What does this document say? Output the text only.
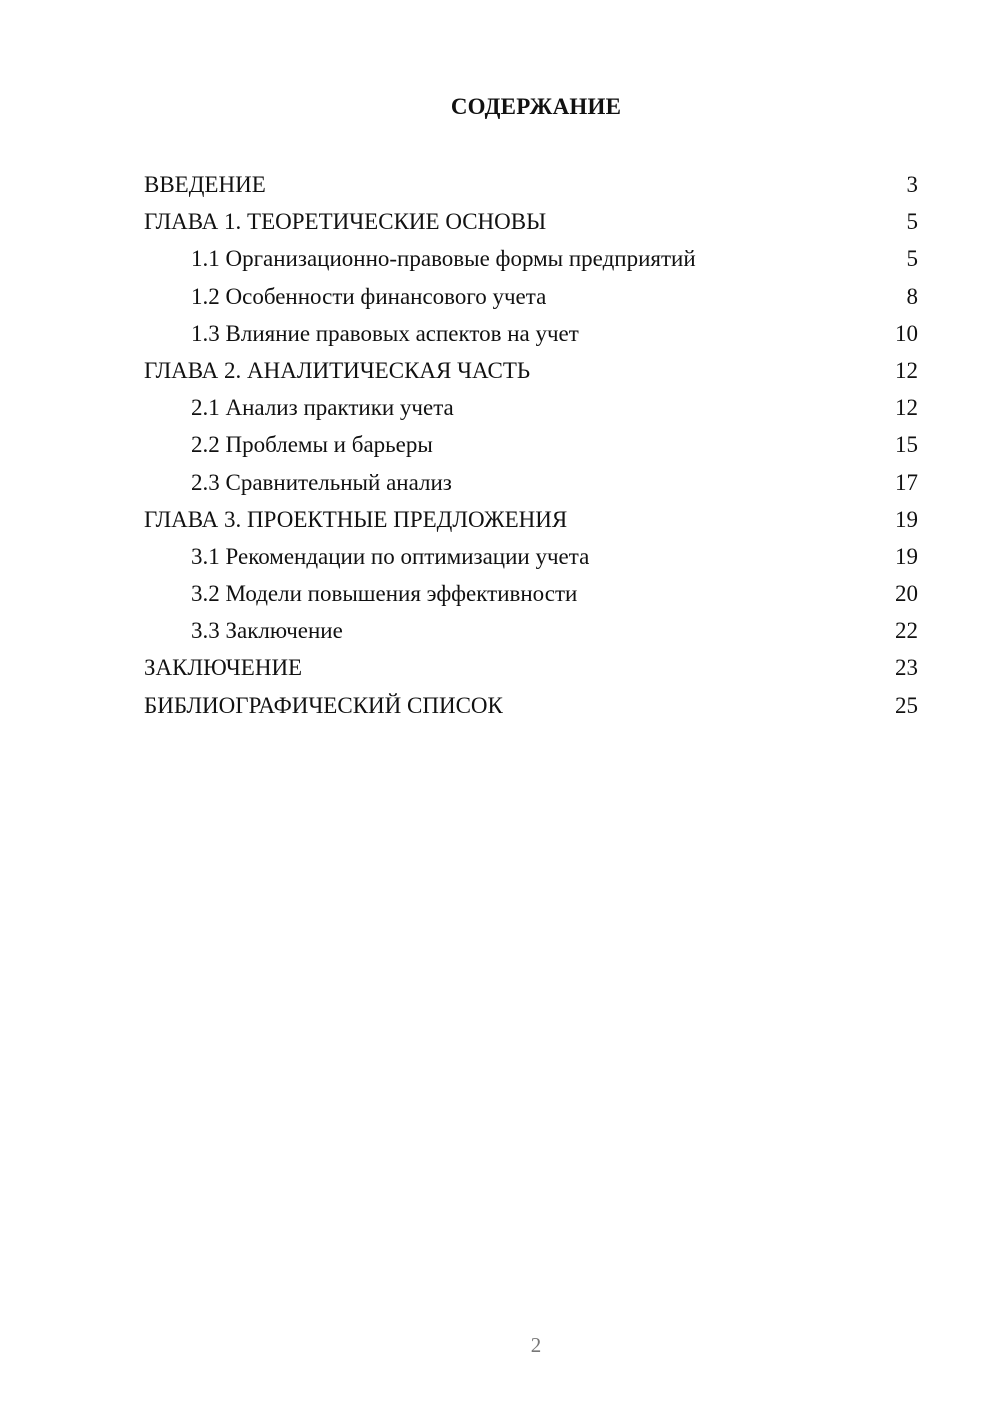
СОДЕРЖАНИЕ
ВВЕДЕНИЕ	3
ГЛАВА 1. ТЕОРЕТИЧЕСКИЕ ОСНОВЫ	5
1.1 Организационно-правовые формы предприятий	5
1.2 Особенности финансового учета	8
1.3 Влияние правовых аспектов на учет	10
ГЛАВА 2. АНАЛИТИЧЕСКАЯ ЧАСТЬ	12
2.1 Анализ практики учета	12
2.2 Проблемы и барьеры	15
2.3 Сравнительный анализ	17
ГЛАВА 3. ПРОЕКТНЫЕ ПРЕДЛОЖЕНИЯ	19
3.1 Рекомендации по оптимизации учета	19
3.2 Модели повышения эффективности	20
3.3 Заключение	22
ЗАКЛЮЧЕНИЕ	23
БИБЛИОГРАФИЧЕСКИЙ СПИСОК	25
2
